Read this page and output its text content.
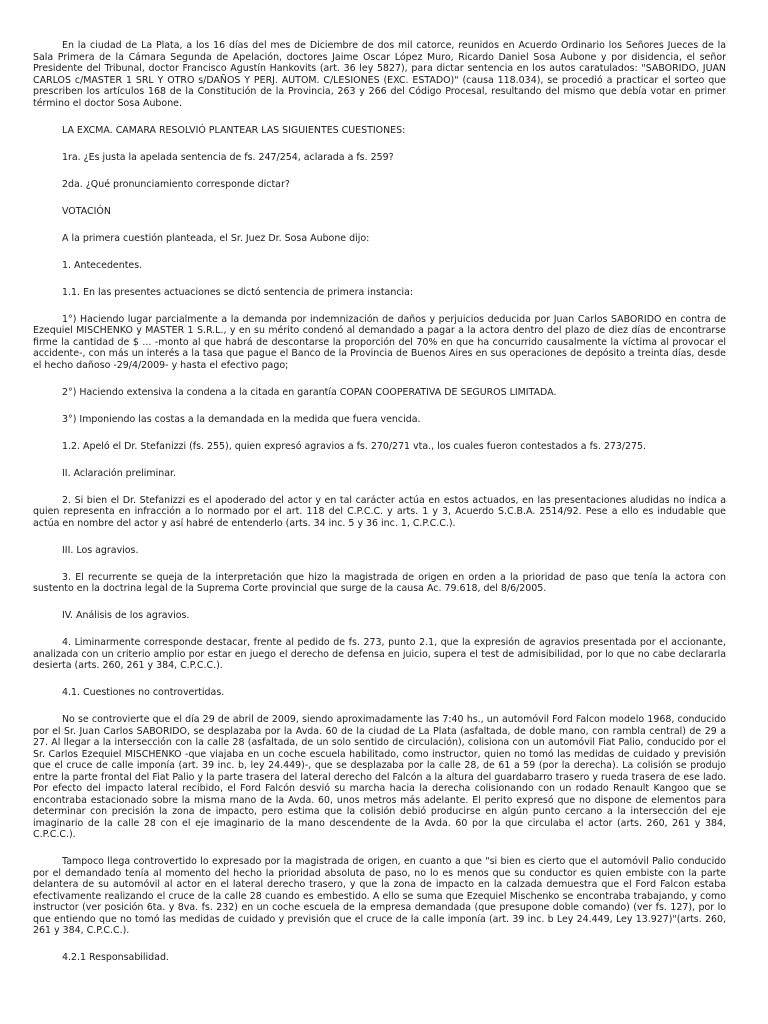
En la ciudad de La Plata, a los 16 días del mes de Diciembre de dos mil catorce, reunidos en Acuerdo Ordinario los Señores Jueces de la Sala Primera de la Cámara Segunda de Apelación, doctores Jaime Oscar López Muro, Ricardo Daniel Sosa Aubone y por disidencia, el señor Presidente del Tribunal, doctor Francisco Agustín Hankovits (art. 36 ley 5827), para dictar sentencia en los autos caratulados: "SABORIDO, JUAN CARLOS c/MASTER 1 SRL Y OTRO s/DAÑOS Y PERJ. AUTOM. C/LESIONES (EXC. ESTADO)" (causa 118.034), se procedió a practicar el sorteo que prescriben los artículos 168 de la Constitución de la Provincia, 263 y 266 del Código Procesal, resultando del mismo que debía votar en primer término el doctor Sosa Aubone.

LA EXCMA. CAMARA RESOLVIÓ PLANTEAR LAS SIGUIENTES CUESTIONES:

1ra. ¿Es justa la apelada sentencia de fs. 247/254, aclarada a fs. 259?

2da. ¿Qué pronunciamiento corresponde dictar?

VOTACIÓN

A la primera cuestión planteada, el Sr. Juez Dr. Sosa Aubone dijo:

1. Antecedentes.

1.1. En las presentes actuaciones se dictó sentencia de primera instancia:

1°) Haciendo lugar parcialmente a la demanda por indemnización de daños y perjuicios deducida por Juan Carlos SABORIDO en contra de Ezequiel MISCHENKO y MASTER 1 S.R.L., y en su mérito condenó al demandado a pagar a la actora dentro del plazo de diez días de encontrarse firme la cantidad de $ ... -monto al que habrá de descontarse la proporción del 70% en que ha concurrido causalmente la víctima al provocar el accidente-, con más un interés a la tasa que pague el Banco de la Provincia de Buenos Aires en sus operaciones de depósito a treinta días, desde el hecho dañoso -29/4/2009- y hasta el efectivo pago;

2°) Haciendo extensiva la condena a la citada en garantía COPAN COOPERATIVA DE SEGUROS LIMITADA.

3°) Imponiendo las costas a la demandada en la medida que fuera vencida.

1.2. Apeló el Dr. Stefanizzi (fs. 255), quien expresó agravios a fs. 270/271 vta., los cuales fueron contestados a fs. 273/275.

II. Aclaración preliminar.

2. Si bien el Dr. Stefanizzi es el apoderado del actor y en tal carácter actúa en estos actuados, en las presentaciones aludidas no indica a quien representa en infracción a lo normado por el art. 118 del C.P.C.C. y arts. 1 y 3, Acuerdo S.C.B.A. 2514/92. Pese a ello es indudable que actúa en nombre del actor y así habré de entenderlo (arts. 34 inc. 5 y 36 inc. 1, C.P.C.C.).

III. Los agravios.

3. El recurrente se queja de la interpretación que hizo la magistrada de origen en orden a la prioridad de paso que tenía la actora con sustento en la doctrina legal de la Suprema Corte provincial que surge de la causa Ac. 79.618, del 8/6/2005.

IV. Análisis de los agravios.

4. Liminarmente corresponde destacar, frente al pedido de fs. 273, punto 2.1, que la expresión de agravios presentada por el accionante, analizada con un criterio amplio por estar en juego el derecho de defensa en juicio, supera el test de admisibilidad, por lo que no cabe declararla desierta (arts. 260, 261 y 384, C.P.C.C.).

4.1. Cuestiones no controvertidas.

No se controvierte que el día 29 de abril de 2009, siendo aproximadamente las 7:40 hs., un automóvil Ford Falcon modelo 1968, conducido por el Sr. Juan Carlos SABORIDO, se desplazaba por la Avda. 60 de la ciudad de La Plata (asfaltada, de doble mano, con rambla central) de 29 a 27. Al llegar a la intersección con la calle 28 (asfaltada, de un solo sentido de circulación), colisiona con un automóvil Fiat Palio, conducido por el Sr. Carlos Ezequiel MISCHENKO -que viajaba en un coche escuela habilitado, como instructor, quien no tomó las medidas de cuidado y previsión que el cruce de calle imponía (art. 39 inc. b, ley 24.449)-, que se desplazaba por la calle 28, de 61 a 59 (por la derecha). La colisión se produjo entre la parte frontal del Fiat Palio y la parte trasera del lateral derecho del Falcón a la altura del guardabarro trasero y rueda trasera de ese lado. Por efecto del impacto lateral recibido, el Ford Falcón desvió su marcha hacia la derecha colisionando con un rodado Renault Kangoo que se encontraba estacionado sobre la misma mano de la Avda. 60, unos metros más adelante. El perito expresó que no dispone de elementos para determinar con precisión la zona de impacto, pero estima que la colisión debió producirse en algún punto cercano a la intersección del eje imaginario de la calle 28 con el eje imaginario de la mano descendente de la Avda. 60 por la que circulaba el actor (arts. 260, 261 y 384, C.P.C.C.).

Tampoco llega controvertido lo expresado por la magistrada de origen, en cuanto a que "si bien es cierto que el automóvil Palio conducido por el demandado tenía al momento del hecho la prioridad absoluta de paso, no lo es menos que su conductor es quien embiste con la parte delantera de su automóvil al actor en el lateral derecho trasero, y que la zona de impacto en la calzada demuestra que el Ford Falcon estaba efectivamente realizando el cruce de la calle 28 cuando es embestido. A ello se suma que Ezequiel Mischenko se encontraba trabajando, y como instructor (ver posición 6ta. y 8va. fs. 232) en un coche escuela de la empresa demandada (que presupone doble comando) (ver fs. 127), por lo que entiendo que no tomó las medidas de cuidado y previsión que el cruce de la calle imponía (art. 39 inc. b Ley 24.449, Ley 13.927)"(arts. 260, 261 y 384, C.P.C.C.).

4.2.1 Responsabilidad.
